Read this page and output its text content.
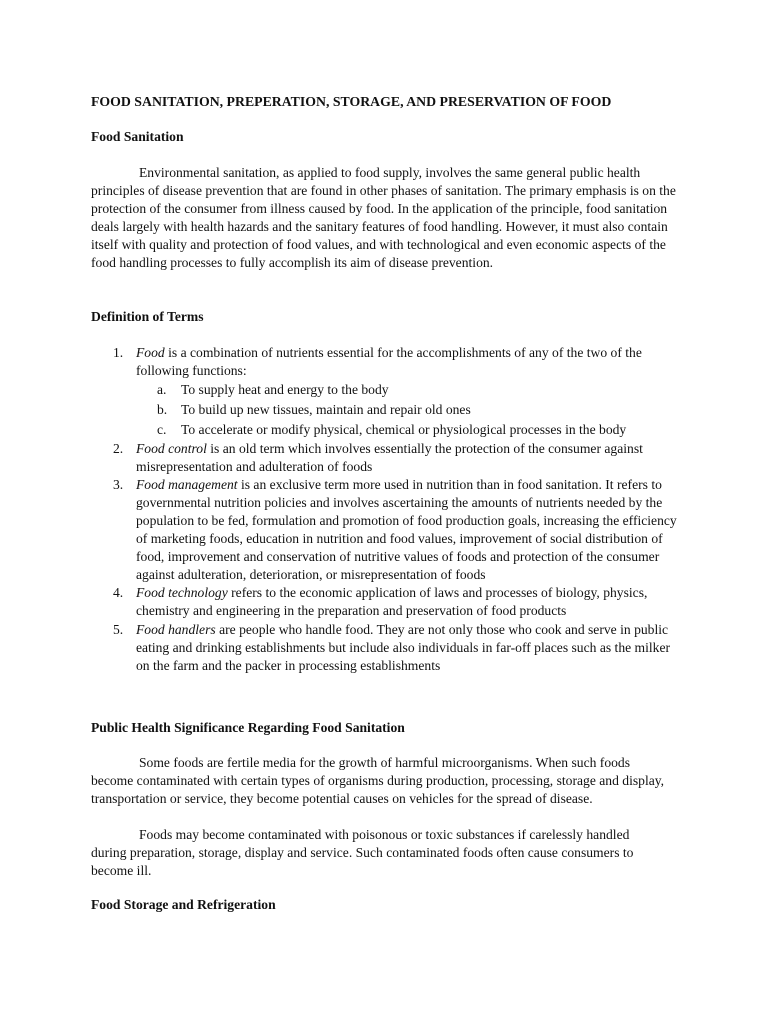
FOOD SANITATION, PREPERATION, STORAGE, AND PRESERVATION OF FOOD
Food Sanitation

Environmental sanitation, as applied to food supply, involves the same general public health principles of disease prevention that are found in other phases of sanitation. The primary emphasis is on the protection of the consumer from illness caused by food. In the application of the principle, food sanitation deals largely with health hazards and the sanitary features of food handling. However, it must also contain itself with quality and protection of food values, and with technological and even economic aspects of the food handling processes to fully accomplish its aim of disease prevention.

Definition of Terms
1. Food is a combination of nutrients essential for the accomplishments of any of the two of the following functions:
a. To supply heat and energy to the body
b. To build up new tissues, maintain and repair old ones
c. To accelerate or modify physical, chemical or physiological processes in the body
2. Food control is an old term which involves essentially the protection of the consumer against misrepresentation and adulteration of foods
3. Food management is an exclusive term more used in nutrition than in food sanitation. It refers to governmental nutrition policies and involves ascertaining the amounts of nutrients needed by the population to be fed, formulation and promotion of food production goals, increasing the efficiency of marketing foods, education in nutrition and food values, improvement of social distribution of food, improvement and conservation of nutritive values of foods and protection of the consumer against adulteration, deterioration, or misrepresentation of foods
4. Food technology refers to the economic application of laws and processes of biology, physics, chemistry and engineering in the preparation and preservation of food products
5. Food handlers are people who handle food. They are not only those who cook and serve in public eating and drinking establishments but include also individuals in far-off places such as the milker on the farm and the packer in processing establishments
Public Health Significance Regarding Food Sanitation

Some foods are fertile media for the growth of harmful microorganisms. When such foods become contaminated with certain types of organisms during production, processing, storage and display, transportation or service, they become potential causes on vehicles for the spread of disease.

Foods may become contaminated with poisonous or toxic substances if carelessly handled during preparation, storage, display and service. Such contaminated foods often cause consumers to become ill.

Food Storage and Refrigeration
